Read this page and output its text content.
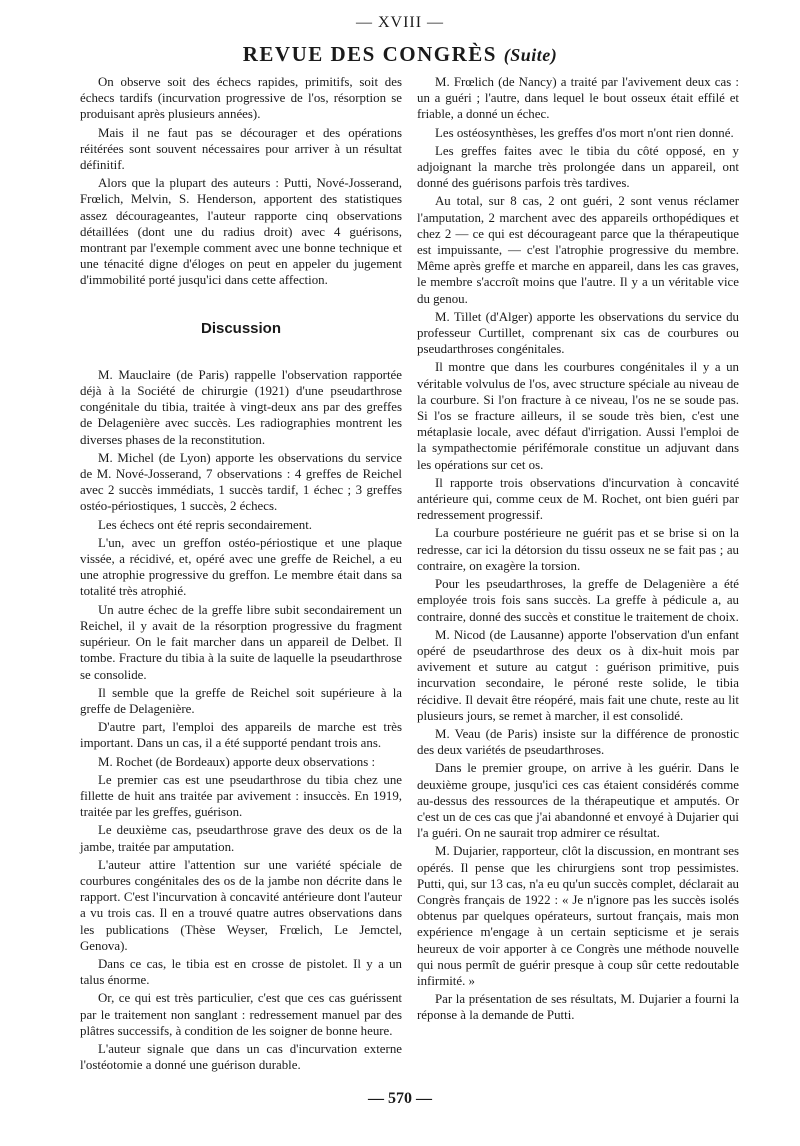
— XVIII —
REVUE DES CONGRÈS (Suite)

On observe soit des échecs rapides, primitifs, soit des échecs tardifs (incurvation progressive de l'os, résorption se produisant après plusieurs années).

Mais il ne faut pas se décourager et des opérations réitérées sont souvent nécessaires pour arriver à un résultat définitif.

Alors que la plupart des auteurs : Putti, Nové-Josserand, Frœlich, Melvin, S. Henderson, apportent des statistiques assez décourageantes, l'auteur rapporte cinq observations détaillées (dont une du radius droit) avec 4 guérisons, montrant par l'exemple comment avec une bonne technique et une ténacité digne d'éloges on peut en appeler du jugement d'immobilité porté jusqu'ici dans cette affection.

Discussion

M. Mauclaire (de Paris) rappelle l'observation rapportée déjà à la Société de chirurgie (1921) d'une pseudarthrose congénitale du tibia, traitée à vingt-deux ans par des greffes de Delagenière avec succès. Les radiographies montrent les diverses phases de la reconstitution.

M. Michel (de Lyon) apporte les observations du service de M. Nové-Josserand, 7 observations : 4 greffes de Reichel avec 2 succès immédiats, 1 succès tardif, 1 échec ; 3 greffes ostéo-périostiques, 1 succès, 2 échecs.

Les échecs ont été repris secondairement.

L'un, avec un greffon ostéo-périostique et une plaque vissée, a récidivé, et, opéré avec une greffe de Reichel, a eu une atrophie progressive du greffon. Le membre était dans sa totalité très atrophié.

Un autre échec de la greffe libre subit secondairement un Reichel, il y avait de la résorption progressive du fragment supérieur. On le fait marcher dans un appareil de Delbet. Il tombe. Fracture du tibia à la suite de laquelle la pseudarthrose se consolide.

Il semble que la greffe de Reichel soit supérieure à la greffe de Delagenière.

D'autre part, l'emploi des appareils de marche est très important. Dans un cas, il a été supporté pendant trois ans.

M. Rochet (de Bordeaux) apporte deux observations :

Le premier cas est une pseudarthrose du tibia chez une fillette de huit ans traitée par avivement : insuccès. En 1919, traitée par les greffes, guérison.

Le deuxième cas, pseudarthrose grave des deux os de la jambe, traitée par amputation.

L'auteur attire l'attention sur une variété spéciale de courbures congénitales des os de la jambe non décrite dans le rapport. C'est l'incurvation à concavité antérieure dont l'auteur a vu trois cas. Il en a trouvé quatre autres observations dans les publications (Thèse Weyser, Frœlich, Le Jemctel, Genova).

Dans ce cas, le tibia est en crosse de pistolet. Il y a un talus énorme.

Or, ce qui est très particulier, c'est que ces cas guérissent par le traitement non sanglant : redressement manuel par des plâtres successifs, à condition de les soigner de bonne heure.

L'auteur signale que dans un cas d'incurvation externe l'ostéotomie a donné une guérison durable.

M. Frœlich (de Nancy) a traité par l'avivement deux cas : un a guéri ; l'autre, dans lequel le bout osseux était effilé et friable, a donné un échec.

Les ostéosynthèses, les greffes d'os mort n'ont rien donné.

Les greffes faites avec le tibia du côté opposé, en y adjoignant la marche très prolongée dans un appareil, ont donné des guérisons parfois très tardives.

Au total, sur 8 cas, 2 ont guéri, 2 sont venus réclamer l'amputation, 2 marchent avec des appareils orthopédiques et chez 2 — ce qui est décourageant parce que la thérapeutique est impuissante, — c'est l'atrophie progressive du membre. Même après greffe et marche en appareil, dans les cas graves, le membre s'accroît moins que l'autre. Il y a un véritable vice du genou.

M. Tillet (d'Alger) apporte les observations du service du professeur Curtillet, comprenant six cas de courbures ou pseudarthroses congénitales.

Il montre que dans les courbures congénitales il y a un véritable volvulus de l'os, avec structure spéciale au niveau de la courbure. Si l'on fracture à ce niveau, l'os ne se soude pas. Si l'os se fracture ailleurs, il se soude très bien, c'est une métaplasie locale, avec défaut d'irrigation. Aussi l'emploi de la sympathectomie périfémorale constitue un adjuvant dans les opérations sur cet os.

Il rapporte trois observations d'incurvation à concavité antérieure qui, comme ceux de M. Rochet, ont bien guéri par redressement progressif.

La courbure postérieure ne guérit pas et se brise si on la redresse, car ici la détorsion du tissu osseux ne se fait pas ; au contraire, on exagère la torsion.

Pour les pseudarthroses, la greffe de Delagenière a été employée trois fois sans succès. La greffe à pédicule a, au contraire, donné des succès et constitue le traitement de choix.

M. Nicod (de Lausanne) apporte l'observation d'un enfant opéré de pseudarthrose des deux os à dix-huit mois par avivement et suture au catgut : guérison primitive, puis incurvation secondaire, le péroné reste solide, le tibia récidive. Il devait être réopéré, mais fait une chute, reste au lit plusieurs jours, se remet à marcher, il est consolidé.

M. Veau (de Paris) insiste sur la différence de pronostic des deux variétés de pseudarthroses.

Dans le premier groupe, on arrive à les guérir. Dans le deuxième groupe, jusqu'ici ces cas étaient considérés comme au-dessus des ressources de la thérapeutique et amputés. Or c'est un de ces cas que j'ai abandonné et envoyé à Dujarier qui l'a guéri. On ne saurait trop admirer ce résultat.

M. Dujarier, rapporteur, clôt la discussion, en montrant ses opérés. Il pense que les chirurgiens sont trop pessimistes. Putti, qui, sur 13 cas, n'a eu qu'un succès complet, déclarait au Congrès français de 1922 : « Je n'ignore pas les succès isolés obtenus par quelques opérateurs, surtout français, mais mon expérience m'engage à un certain septicisme et je serais heureux de voir apporter à ce Congrès une méthode nouvelle qui nous permît de guérir presque à coup sûr cette redoutable infirmité. »

Par la présentation de ses résultats, M. Dujarier a fourni la réponse à la demande de Putti.

— 570 —
